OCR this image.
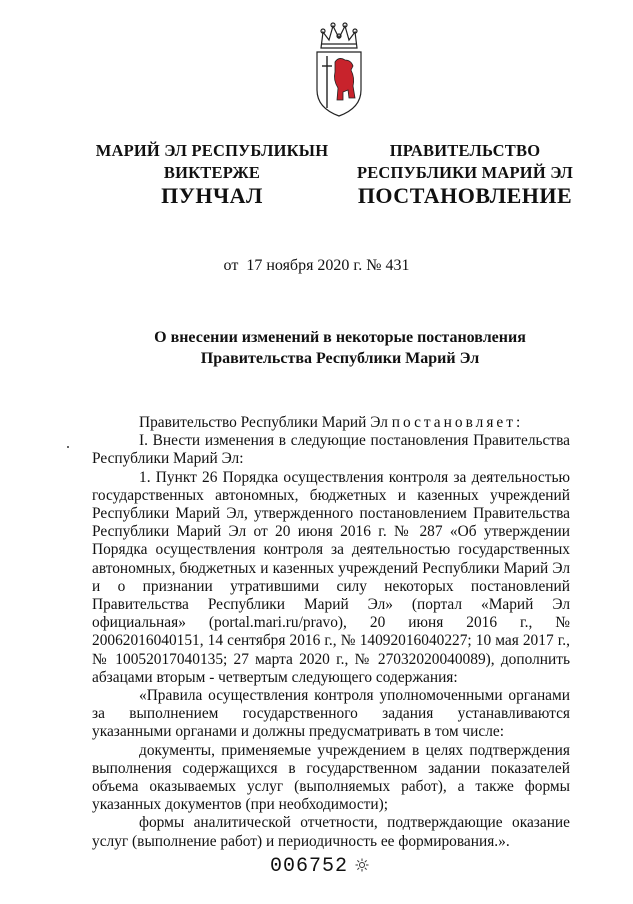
МАРИЙ ЭЛ РЕСПУБЛИКЫН
ВИКТЕРЖЕ
ПРАВИТЕЛЬСТВО
РЕСПУБЛИКИ МАРИЙ ЭЛ
ПУНЧАЛ	ПОСТАНОВЛЕНИЕ
от  17 ноября 2020 г. № 431
О внесении изменений в некоторые постановления
Правительства Республики Марий Эл

Правительство Республики Марий Эл постановляет:

I. Внести изменения в следующие постановления Правительства Республики Марий Эл:

1. Пункт 26 Порядка осуществления контроля за деятельностью государственных автономных, бюджетных и казенных учреждений Республики Марий Эл, утвержденного постановлением Правительства Республики Марий Эл от 20 июня 2016 г. № 287 «Об утверждении Порядка осуществления контроля за деятельностью государственных автономных, бюджетных и казенных учреждений Республики Марий Эл и о признании утратившими силу некоторых постановлений Правительства Республики Марий Эл» (портал «Марий Эл официальная» (portal.mari.ru/pravo), 20 июня 2016 г., № 20062016040151, 14 сентября 2016 г., № 14092016040227; 10 мая 2017 г., № 10052017040135; 27 марта 2020 г., № 27032020040089), дополнить абзацами вторым - четвертым следующего содержания:

«Правила осуществления контроля уполномоченными органами за выполнением государственного задания устанавливаются указанными органами и должны предусматривать в том числе:

документы, применяемые учреждением в целях подтверждения выполнения содержащихся в государственном задании показателей объема оказываемых услуг (выполняемых работ), а также формы указанных документов (при необходимости);

формы аналитической отчетности, подтверждающие оказание услуг (выполнение работ) и периодичность ее формирования.».

006752
